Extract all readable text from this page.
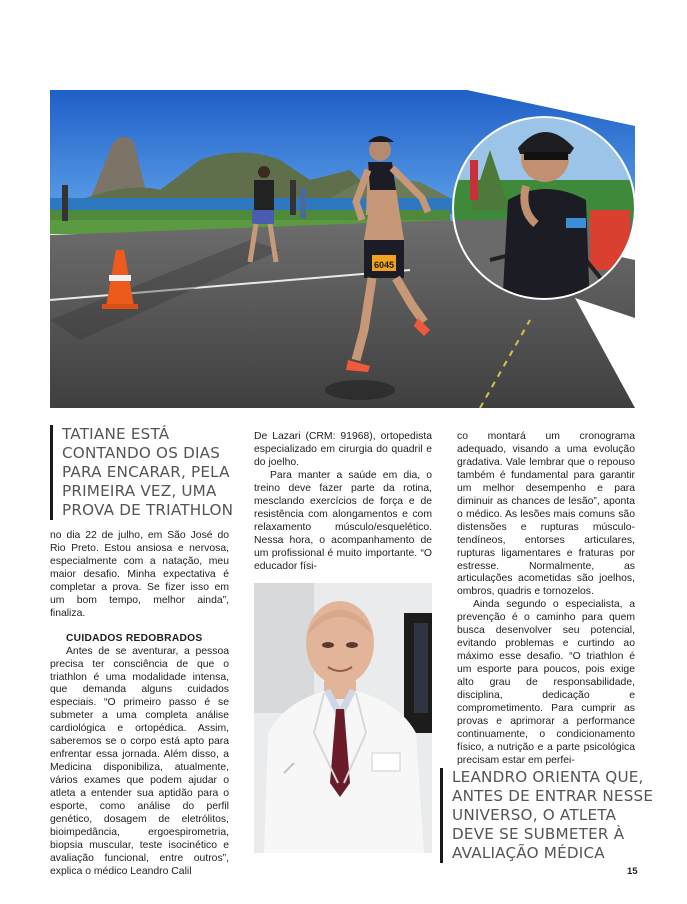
6045
TATIANE ESTÁ
CONTANDO OS DIAS
PARA ENCARAR, PELA
PRIMEIRA VEZ, UMA
PROVA DE TRIATHLON

no dia 22 de julho, em São José do Rio Preto. Estou ansiosa e nervosa, especialmente com a natação, meu maior desafio. Minha expectativa é completar a prova. Se fizer isso em um bom tempo, melhor ainda”, finaliza.

CUIDADOS REDOBRADOS

Antes de se aventurar, a pessoa precisa ter consciência de que o triathlon é uma modalidade intensa, que demanda alguns cuidados especiais. “O primeiro passo é se submeter a uma completa análise cardiológica e ortopédica. Assim, saberemos se o corpo está apto para enfrentar essa jornada. Além disso, a Medicina disponibiliza, atualmente, vários exames que podem ajudar o atleta a entender sua aptidão para o esporte, como análise do perfil genético, dosagem de eletrólitos, bioimpedância, ergoespirometria, biopsia muscular, teste isocinético e avaliação funcional, entre outros”, explica o médico Leandro Calil

De Lazari (CRM: 91968), ortopedista especializado em cirurgia do quadril e do joelho.

Para manter a saúde em dia, o treino deve fazer parte da rotina, mesclando exercícios de força e de resistência com alongamentos e com relaxamento músculo/esquelético. Nessa hora, o acompanhamento de um profissional é muito importante. “O educador físi-

co montará um cronograma adequado, visando a uma evolução gradativa. Vale lembrar que o repouso também é fundamental para garantir um melhor desempenho e para diminuir as chances de lesão”, aponta o médico. As lesões mais comuns são distensões e rupturas músculo-tendíneos, entorses articulares, rupturas ligamentares e fraturas por estresse. Normalmente, as articulações acometidas são joelhos, ombros, quadris e tornozelos.

Ainda segundo o especialista, a prevenção é o caminho para quem busca desenvolver seu potencial, evitando problemas e curtindo ao máximo esse desafio. “O triathlon é um esporte para poucos, pois exige alto grau de responsabilidade, disciplina, dedicação e comprometimento. Para cumprir as provas e aprimorar a performance continuamente, o condicionamento físico, a nutrição e a parte psicológica precisam estar em perfei-

LEANDRO ORIENTA QUE,
ANTES DE ENTRAR NESSE
UNIVERSO, O ATLETA
DEVE SE SUBMETER À
AVALIAÇÃO MÉDICA
15
